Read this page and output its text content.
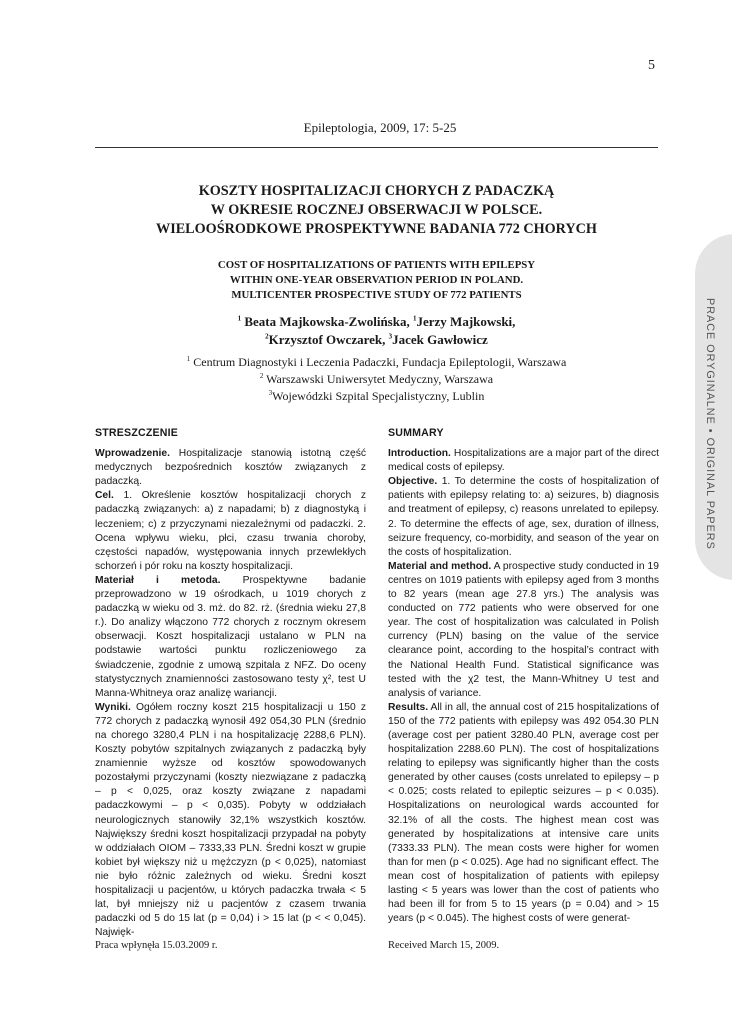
PRACE ORYGINALNE • ORIGINAL PAPERS
5
Epileptologia, 2009, 17: 5-25
KOSZTY HOSPITALIZACJI CHORYCH Z PADACZKĄ
W OKRESIE ROCZNEJ OBSERWACJI W POLSCE.
WIELOOŚRODKOWE PROSPEKTYWNE BADANIA 772 CHORYCH
COST OF HOSPITALIZATIONS OF PATIENTS WITH EPILEPSY
WITHIN ONE-YEAR OBSERVATION PERIOD IN POLAND.
MULTICENTER PROSPECTIVE STUDY OF 772 PATIENTS
$^1$ Beata Majkowska-Zwolińska, $^1$Jerzy Majkowski,
$^2$Krzysztof Owczarek, $^3$Jacek Gawłowicz
$^1$ Centrum Diagnostyki i Leczenia Padaczki, Fundacja Epileptologii, Warszawa
$^2$ Warszawski Uniwersytet Medyczny, Warszawa
$^3$Wojewódzki Szpital Specjalistyczny, Lublin
STRESZCZENIE

Wprowadzenie. Hospitalizacje stanowią istotną część medycznych bezpośrednich kosztów związanych z padaczką.

Cel. 1. Określenie kosztów hospitalizacji chorych z padaczką związanych: a) z napadami; b) z diagnostyką i leczeniem; c) z przyczynami niezależnymi od padaczki. 2. Ocena wpływu wieku, płci, czasu trwania choroby, częstości napadów, występowania innych przewlekłych schorzeń i pór roku na koszty hospitalizacji.

Materiał i metoda. Prospektywne badanie przeprowadzono w 19 ośrodkach, u 1019 chorych z padaczką w wieku od 3. mż. do 82. rż. (średnia wieku 27,8 r.). Do analizy włączono 772 chorych z rocznym okresem obserwacji. Koszt hospitalizacji ustalano w PLN na podstawie wartości punktu rozliczeniowego za świadczenie, zgodnie z umową szpitala z NFZ. Do oceny statystycznych znamienności zastosowano testy χ², test U Manna-Whitneya oraz analizę wariancji.

Wyniki. Ogółem roczny koszt 215 hospitalizacji u 150 z 772 chorych z padaczką wynosił 492 054,30 PLN (średnio na chorego 3280,4 PLN i na hospitalizację 2288,6 PLN). Koszty pobytów szpitalnych związanych z padaczką były znamiennie wyższe od kosztów spowodowanych pozostałymi przyczynami (koszty niezwiązane z padaczką – p < 0,025, oraz koszty związane z napadami padaczkowymi – p < 0,035). Pobyty w oddziałach neurologicznych stanowiły 32,1% wszystkich kosztów. Największy średni koszt hospitalizacji przypadał na pobyty w oddziałach OIOM – 7333,33 PLN. Średni koszt w grupie kobiet był większy niż u mężczyzn (p < 0,025), natomiast nie było różnic zależnych od wieku. Średni koszt hospitalizacji u pacjentów, u których padaczka trwała < 5 lat, był mniejszy niż u pacjentów z czasem trwania padaczki od 5 do 15 lat (p = 0,04) i > 15 lat (p < < 0,045). Najwięk-

SUMMARY

Introduction. Hospitalizations are a major part of the direct medical costs of epilepsy.

Objective. 1. To determine the costs of hospitalization of patients with epilepsy relating to: a) seizures, b) diagnosis and treatment of epilepsy, c) reasons unrelated to epilepsy. 2. To determine the effects of age, sex, duration of illness, seizure frequency, co-morbidity, and season of the year on the costs of hospitalization.

Material and method. A prospective study conducted in 19 centres on 1019 patients with epilepsy aged from 3 months to 82 years (mean age 27.8 yrs.) The analysis was conducted on 772 patients who were observed for one year. The cost of hospitalization was calculated in Polish currency (PLN) basing on the value of the service clearance point, according to the hospital’s contract with the National Health Fund. Statistical significance was tested with the χ2 test, the Mann-Whitney U test and analysis of variance.

Results. All in all, the annual cost of 215 hospitalizations of 150 of the 772 patients with epilepsy was 492 054.30 PLN (average cost per patient 3280.40 PLN, average cost per hospitalization 2288.60 PLN). The cost of hospitalizations relating to epilepsy was significantly higher than the costs generated by other causes (costs unrelated to epilepsy – p < 0.025; costs related to epileptic seizures – p < 0.035). Hospitalizations on neurological wards accounted for 32.1% of all the costs. The highest mean cost was generated by hospitalizations at intensive care units (7333.33 PLN). The mean costs were higher for women than for men (p < 0.025). Age had no significant effect. The mean cost of hospitalization of patients with epilepsy lasting < 5 years was lower than the cost of patients who had been ill for from 5 to 15 years (p = 0.04) and > 15 years (p < 0.045). The highest costs of were generat-

Praca wpłynęła 15.03.2009 r.	Received March 15, 2009.
